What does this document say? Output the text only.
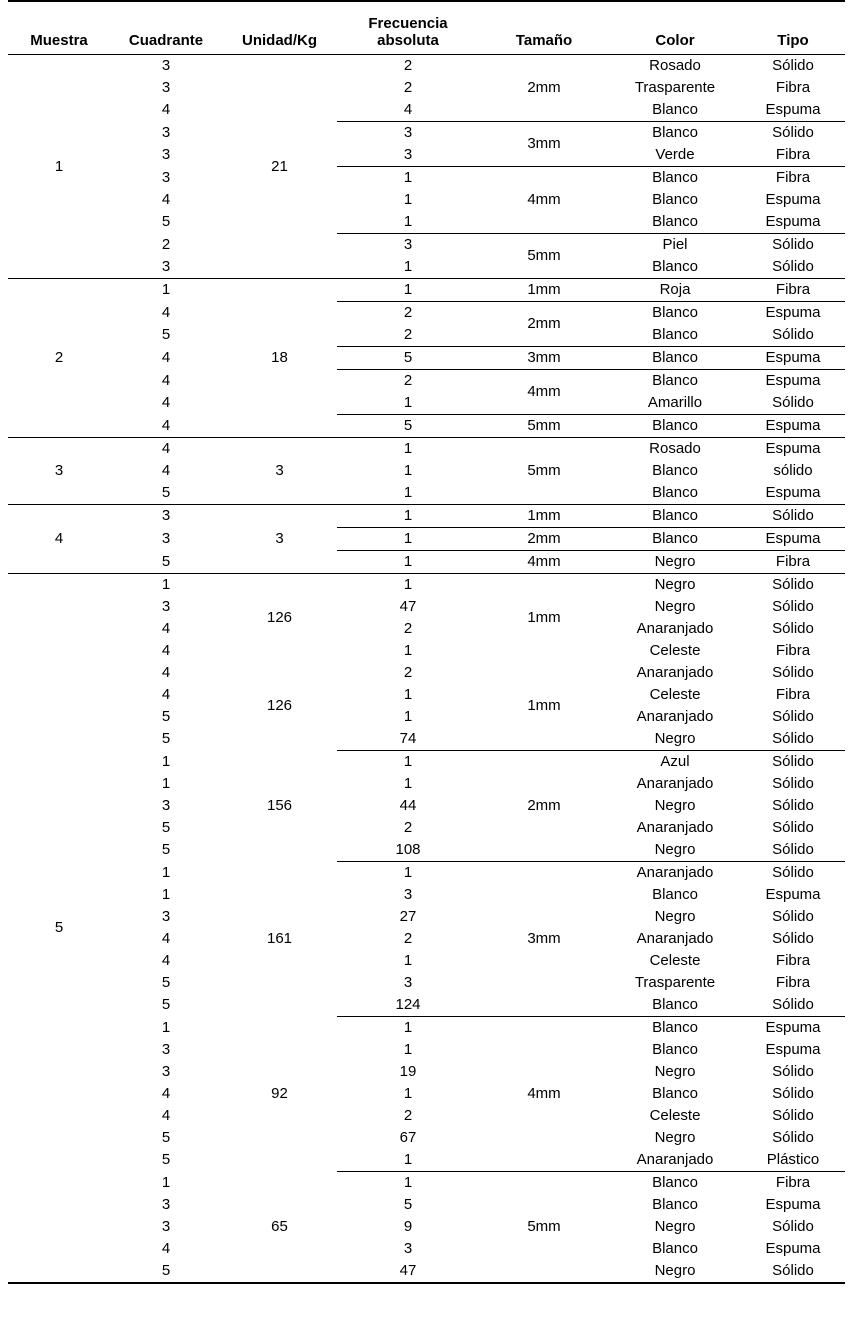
Muestra	Cuadrante	Unidad/Kg	Frecuencia
absoluta	Tamaño	Color	Tipo
1	3	21	2	2mm	Rosado	Sólido
	3		2		Trasparente	Fibra
	4		4		Blanco	Espuma
	3		3	3mm	Blanco	Sólido
	3		3		Verde	Fibra
	3		1	4mm	Blanco	Fibra
	4		1		Blanco	Espuma
	5		1		Blanco	Espuma
	2		3	5mm	Piel	Sólido
	3		1		Blanco	Sólido
2	1	18	1	1mm	Roja	Fibra
	4		2	2mm	Blanco	Espuma
	5		2		Blanco	Sólido
	4		5	3mm	Blanco	Espuma
	4		2	4mm	Blanco	Espuma
	4		1		Amarillo	Sólido
	4		5	5mm	Blanco	Espuma
3	4	3	1	5mm	Rosado	Espuma
	4		1		Blanco	sólido
	5		1		Blanco	Espuma
4	3	3	1	1mm	Blanco	Sólido
	3		1	2mm	Blanco	Espuma
	5		1	4mm	Negro	Fibra
5	1	126	1	1mm	Negro	Sólido
	3		47		Negro	Sólido
	4		2		Anaranjado	Sólido
	4		1		Celeste	Fibra
	4	126	2	1mm	Anaranjado	Sólido
	4		1		Celeste	Fibra
	5		1		Anaranjado	Sólido
	5		74		Negro	Sólido
	1	156	1	2mm	Azul	Sólido
	1		1		Anaranjado	Sólido
	3		44		Negro	Sólido
	5		2		Anaranjado	Sólido
	5		108		Negro	Sólido
	1	161	1	3mm	Anaranjado	Sólido
	1		3		Blanco	Espuma
	3		27		Negro	Sólido
	4		2		Anaranjado	Sólido
	4		1		Celeste	Fibra
	5		3		Trasparente	Fibra
	5		124		Blanco	Sólido
	1	92	1	4mm	Blanco	Espuma
	3		1		Blanco	Espuma
	3		19		Negro	Sólido
	4		1		Blanco	Sólido
	4		2		Celeste	Sólido
	5		67		Negro	Sólido
	5		1		Anaranjado	Plástico
	1	65	1	5mm	Blanco	Fibra
	3		5		Blanco	Espuma
	3		9		Negro	Sólido
	4		3		Blanco	Espuma
	5		47		Negro	Sólido
